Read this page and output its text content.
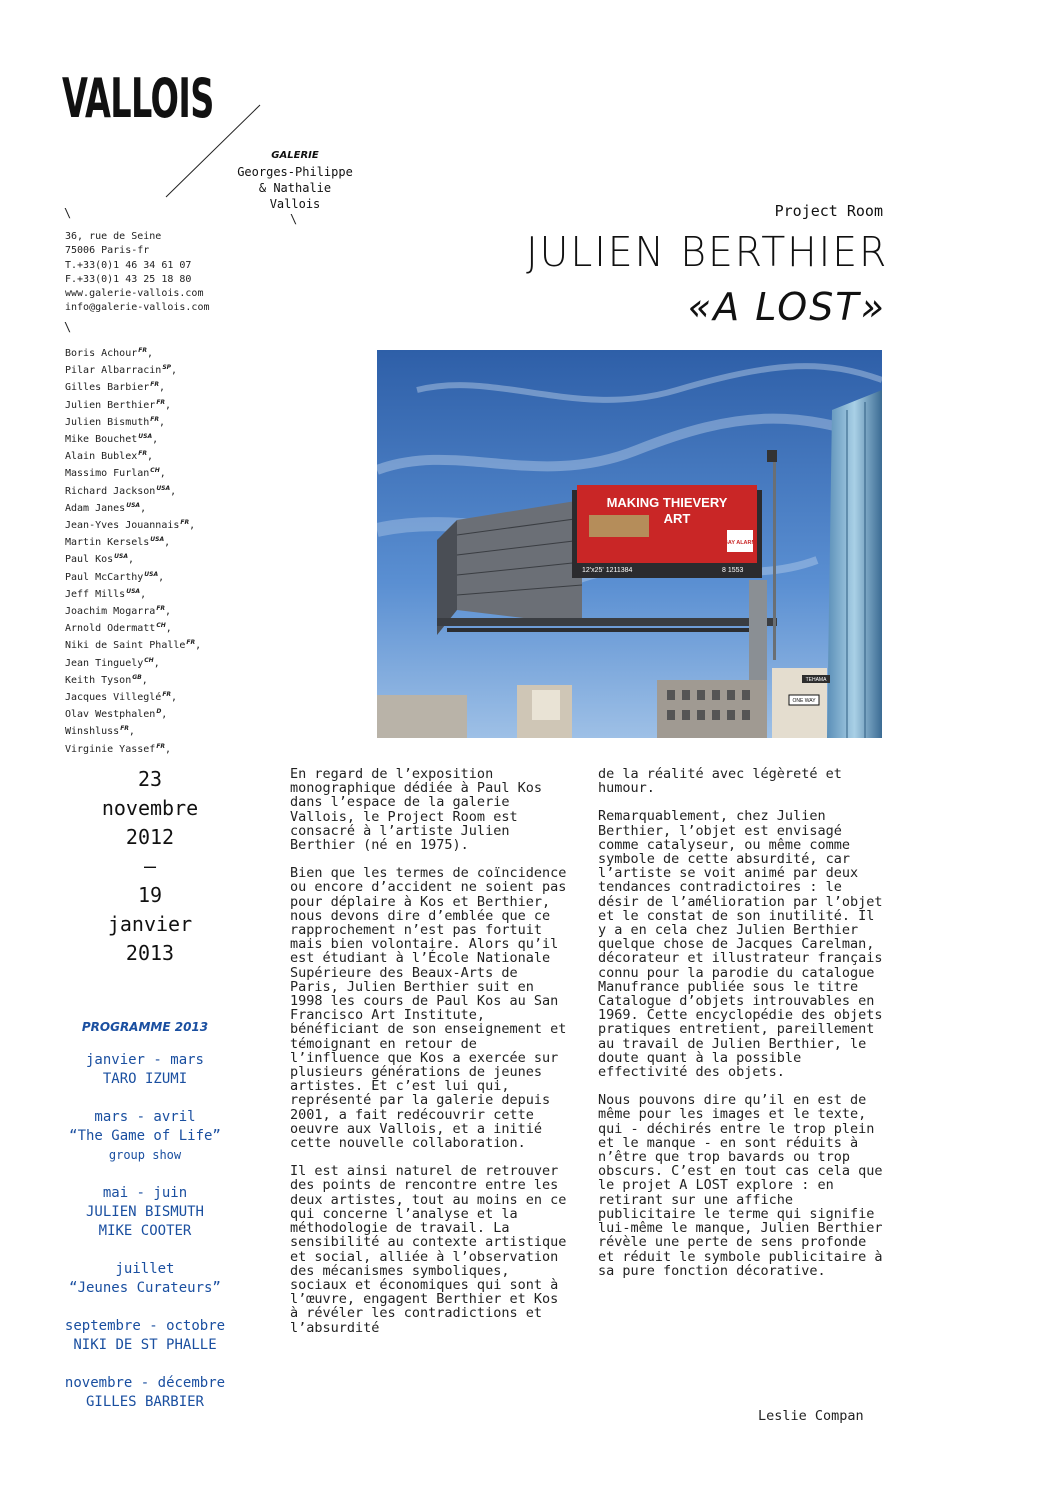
VALLOIS
GALERIE
Georges-Philippe
& Nathalie
Vallois
\
\
\
36, rue de Seine
75006 Paris-fr
T.+33(0)1 46 34 61 07
F.+33(0)1 43 25 18 80
www.galerie-vallois.com
info@galerie-vallois.com
Boris Achour$^{FR}$,
Pilar Albarracin$^{SP}$,
Gilles Barbier$^{FR}$,
Julien Berthier$^{FR}$,
Julien Bismuth$^{FR}$,
Mike Bouchet$^{USA}$,
Alain Bublex$^{FR}$,
Massimo Furlan$^{CH}$,
Richard Jackson$^{USA}$,
Adam Janes$^{USA}$,
Jean-Yves Jouannais$^{FR}$,
Martin Kersels$^{USA}$,
Paul Kos$^{USA}$,
Paul McCarthy$^{USA}$,
Jeff Mills$^{USA}$,
Joachim Mogarra$^{FR}$,
Arnold Odermatt$^{CH}$,
Niki de Saint Phalle$^{FR}$,
Jean Tinguely$^{CH}$,
Keith Tyson$^{GB}$,
Jacques Villeglé$^{FR}$,
Olav Westphalen$^D$,
Winshluss$^{FR}$,
Virginie Yassef$^{FR}$,
Project Room
JULIEN BERTHIER
«A LOST»
MAKING THIEVERY
ART
BAY ALARM
12'x25' 1211384	8 1553
TEHAMA
ONE WAY
23
novembre
2012
—
19
janvier
2013
PROGRAMME 2013
janvier - mars
TARO IZUMI
mars - avril
“The Game of Life”
group show
mai - juin
JULIEN BISMUTH
MIKE COOTER
juillet
“Jeunes Curateurs”
septembre - octobre
NIKI DE ST PHALLE
novembre - décembre
GILLES BARBIER

En regard de l’exposition monographique dédiée à Paul Kos dans l’espace de la galerie Vallois, le Project Room est consacré à l’artiste Julien Berthier (né en 1975).

Bien que les termes de coïncidence ou encore d’accident ne soient pas pour déplaire à Kos et Berthier, nous devons dire d’emblée que ce rapprochement n’est pas fortuit mais bien volontaire. Alors qu’il est étudiant à l’École Nationale Supérieure des Beaux-Arts de Paris, Julien Berthier suit en 1998 les cours de Paul Kos au San Francisco Art Institute, bénéficiant de son enseignement et témoignant en retour de l’influence que Kos a exercée sur plusieurs générations de jeunes artistes. Et c’est lui qui, représenté par la galerie depuis 2001, a fait redécouvrir cette oeuvre aux Vallois, et a initié cette nouvelle collaboration.

Il est ainsi naturel de retrouver des points de rencontre entre les deux artistes, tout au moins en ce qui concerne l’analyse et la méthodologie de travail. La sensibilité au contexte artistique et social, alliée à l’observation des mécanismes symboliques, sociaux et économiques qui sont à l’œuvre, engagent Berthier et Kos à révéler les contradictions et l’absurdité

de la réalité avec légèreté et humour.

Remarquablement, chez Julien Berthier, l’objet est envisagé comme catalyseur, ou même comme symbole de cette absurdité, car l’artiste se voit animé par deux tendances contradictoires : le désir de l’amélioration par l’objet et le constat de son inutilité. Il y a en cela chez Julien Berthier quelque chose de Jacques Carelman, décorateur et illustrateur français connu pour la parodie du catalogue Manufrance publiée sous le titre Catalogue d’objets introuvables en 1969. Cette encyclopédie des objets pratiques entretient, pareillement au travail de Julien Berthier, le doute quant à la possible effectivité des objets.

Nous pouvons dire qu’il en est de même pour les images et le texte, qui - déchirés entre le trop plein et le manque - en sont réduits à n’être que trop bavards ou trop obscurs. C’est en tout cas cela que le projet A LOST explore : en retirant sur une affiche publicitaire le terme qui signifie lui-même le manque, Julien Berthier révèle une perte de sens profonde et réduit le symbole publicitaire à sa pure fonction décorative.

Leslie Compan
